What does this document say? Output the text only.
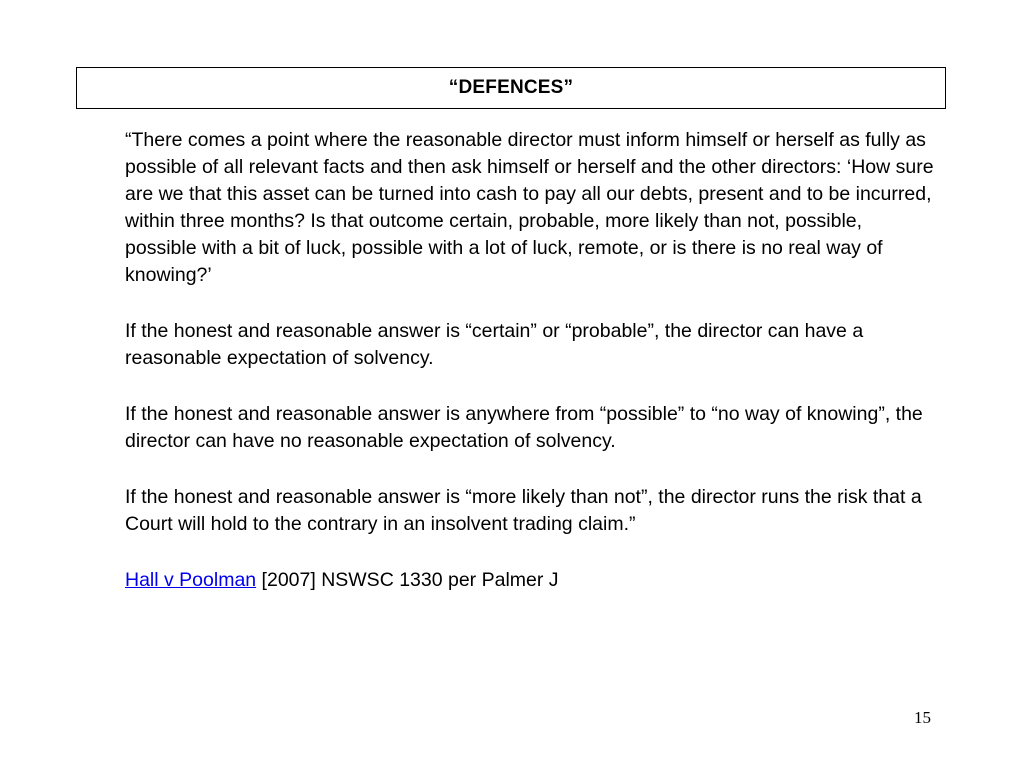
“DEFENCES”

“There comes a point where the reasonable director must inform himself or herself as fully as possible of all relevant facts and then ask himself or herself and the other directors: ‘How sure are we that this asset can be turned into cash to pay all our debts, present and to be incurred, within three months? Is that outcome certain, probable, more likely than not, possible, possible with a bit of luck, possible with a lot of luck, remote, or is there is no real way of knowing?’

If the honest and reasonable answer is “certain” or “probable”, the director can have a reasonable expectation of solvency.

If the honest and reasonable answer is anywhere from “possible” to “no way of knowing”, the director can have no reasonable expectation of solvency.

If the honest and reasonable answer is “more likely than not”, the director runs the risk that a Court will hold to the contrary in an insolvent trading claim.”

Hall v Poolman [2007] NSWSC 1330 per Palmer J

15
